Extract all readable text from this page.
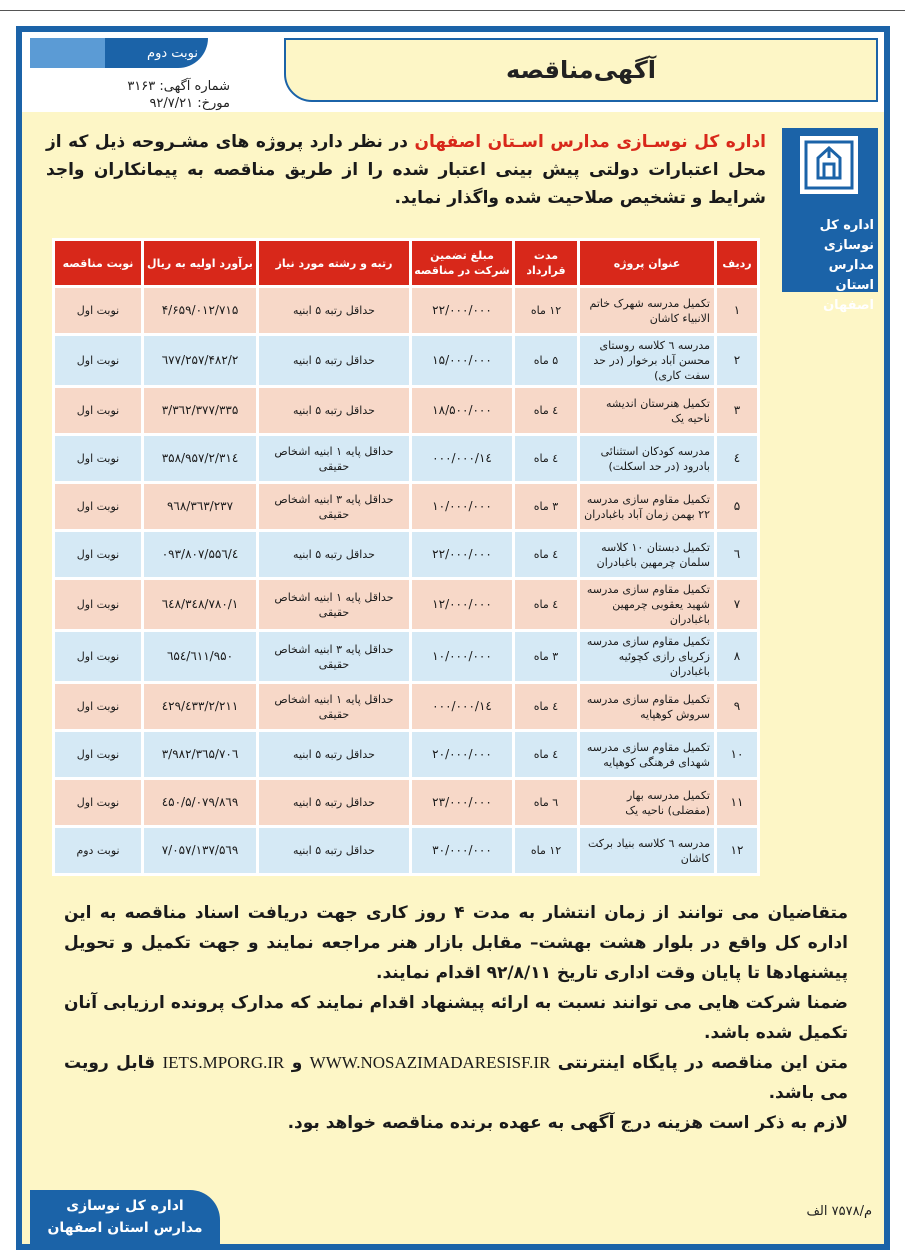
نوبت دوم
شماره آگهی: ۳۱۶۳
مورخ: ۹۲/۷/۲۱
آگهی‌مناقصه
اداره کل نوسازی مدارس استان اصفهان
اداره کل نوسـازی مدارس اسـتان اصفهان در نظر دارد پروژه های مشـروحه ذیل که از محل اعتبارات دولتی پیش بینی اعتبار شده را از طریق مناقصه به پیمانکاران واجد شرایط و تشخیص صلاحیت شده واگذار نماید.
ردیف	عنوان پروژه	مدت قرارداد	مبلغ تضمین شرکت در مناقصه	رتبه و رشته مورد نیاز	برآورد اولیه به ریال	نوبت مناقصه
۱	تکمیل مدرسه شهرک خاتم الانبیاء کاشان	۱۲ ماه	۲۲/۰۰۰/۰۰۰	حداقل رتبه ۵ ابنیه	۴/۶۵۹/۰۱۲/۷۱۵	نوبت اول
۲	مدرسه ٦ کلاسه روستای محسن آباد برخوار (در حد سفت کاری)	۵ ماه	۱۵/۰۰۰/۰۰۰	حداقل رتبه ۵ ابنیه	۲/٦۷۷/۲۵۷/۴۸۲	نوبت اول
۳	تکمیل هنرستان اندیشه ناحیه یک	٤ ماه	۱۸/۵۰۰/۰۰۰	حداقل رتبه ۵ ابنیه	۳/۳٦۲/۳۷۷/۳۳۵	نوبت اول
٤	مدرسه کودکان استثنائی بادرود (در حد اسکلت)	٤ ماه	۱٤/۰۰۰/۰۰۰	حداقل پایه ۱ ابنیه اشخاص حقیقی	۲/۳۱٤/۳۵۸/۹۵۷	نوبت اول
۵	تکمیل مقاوم سازی مدرسه ۲۲ بهمن زمان آباد باغبادران	۳ ماه	۱۰/۰۰۰/۰۰۰	حداقل پایه ۳ ابنیه اشخاص حقیقی	۹٦۸/۳٦۳/۲۳۷	نوبت اول
٦	تکمیل دبستان ۱۰ کلاسه سلمان چرمهین باغبادران	٤ ماه	۲۲/۰۰۰/۰۰۰	حداقل رتبه ۵ ابنیه	٤/۸۰۷/۵۵٦/۰۹۳	نوبت اول
۷	تکمیل مقاوم سازی مدرسه شهید یعقوبی چرمهین باغبادران	٤ ماه	۱۲/۰۰۰/۰۰۰	حداقل پایه ۱ ابنیه اشخاص حقیقی	۱/٦٤۸/۳٤۸/۷۸۰	نوبت اول
۸	تکمیل مقاوم سازی مدرسه زکریای رازی کچوئیه باغبادران	۳ ماه	۱۰/۰۰۰/۰۰۰	حداقل پایه ۳ ابنیه اشخاص حقیقی	۹۵۰/٦۵٤/٦۱۱	نوبت اول
۹	تکمیل مقاوم سازی مدرسه سروش کوهپایه	٤ ماه	۱٤/۰۰۰/۰۰۰	حداقل پایه ۱ ابنیه اشخاص حقیقی	۲/۲۱۱/٤۳۳/٤۲۹	نوبت اول
۱۰	تکمیل مقاوم سازی مدرسه شهدای فرهنگی کوهپایه	٤ ماه	۲۰/۰۰۰/۰۰۰	حداقل رتبه ۵ ابنیه	۳/۹۸۲/۳٦۵/۷۰٦	نوبت اول
۱۱	تکمیل مدرسه بهار (مفضلی) ناحیه یک	٦ ماه	۲۳/۰۰۰/۰۰۰	حداقل رتبه ۵ ابنیه	۵/۰۷۹/۸٦۹/٤۵۰	نوبت اول
۱۲	مدرسه ٦ کلاسه بنیاد برکت کاشان	۱۲ ماه	۳۰/۰۰۰/۰۰۰	حداقل رتبه ۵ ابنیه	۷/۰۵۷/۱۳۷/۵٦۹	نوبت دوم

متقاضیان می توانند از زمان انتشار به مدت ۴ روز کاری جهت دریافت اسناد مناقصه به این اداره کل واقع در بلوار هشت بهشت– مقابل بازار هنر مراجعه نمایند و جهت تکمیل و تحویل پیشنهادها تا پایان وقت اداری تاریخ ۹۲/۸/۱۱ اقدام نمایند.

ضمنا شرکت هایی می توانند نسبت به ارائه پیشنهاد اقدام نمایند که مدارک پرونده ارزیابی آنان تکمیل شده باشد.

متن این مناقصه در پایگاه اینترنتی WWW.NOSAZIMADARESISF.IR و IETS.MPORG.IR قابل رویت می باشد.

لازم به ذکر است هزینه درج آگهی به عهده برنده مناقصه خواهد بود.

اداره کل نوسازی
مدارس استان اصفهان
م/۷۵۷۸ الف
